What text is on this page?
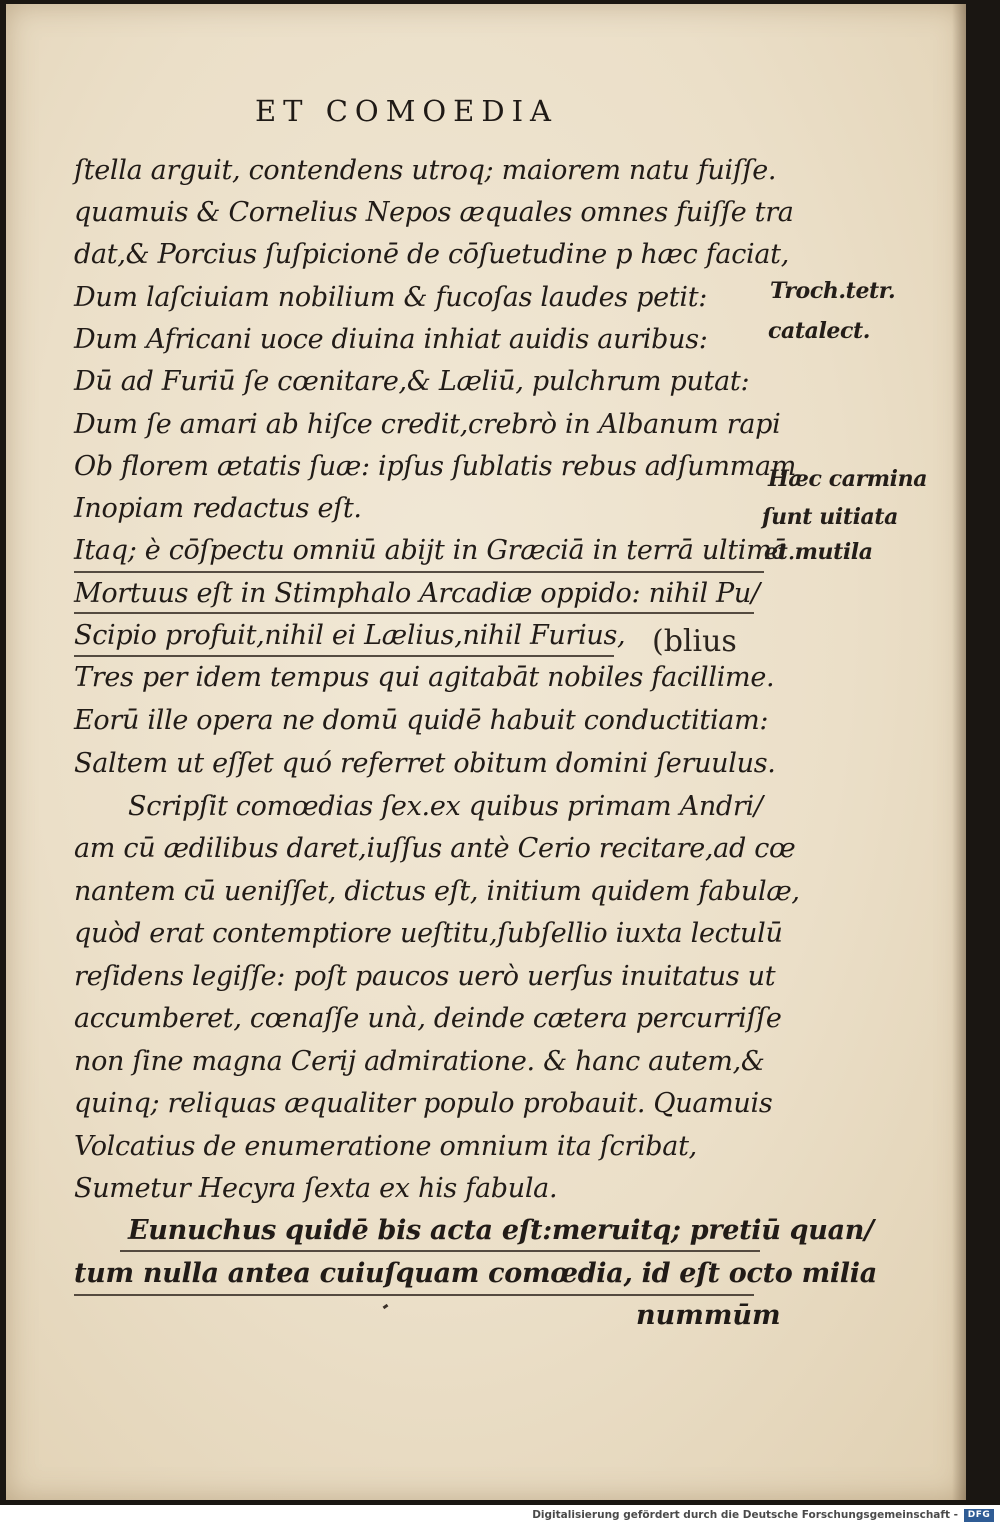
ET COMOEDIA
ſtella arguit, contendens utroq; maiorem natu fuiſſe.
quamuis & Cornelius Nepos æquales omnes fuiſſe tra
dat,& Porcius ſuſpicionē de cōſuetudine p hæc faciat,
Dum laſciuiam nobilium & fucoſas laudes petit:
Dum Africani uoce diuina inhiat auidis auribus:
Dū ad Furiū ſe cœnitare,& Læliū, pulchrum putat:
Dum ſe amari ab hiſce credit,crebrò in Albanum rapi
Ob florem ætatis ſuæ: ipſus ſublatis rebus adſummam
Inopiam redactus eſt.
Itaq; è cōſpectu omniū abijt in Græciā in terrā ultimā.
Mortuus eſt in Stimphalo Arcadiæ oppido: nihil Pu/
Scipio profuit,nihil ei Lælius,nihil Furius, (blius
Tres per idem tempus qui agitabāt nobiles facillime.
Eorū ille opera ne domū quidē habuit conductitiam:
Saltem ut eſſet quó referret obitum domini ſeruulus.
Scripſit comœdias ſex.ex quibus primam Andri/
am cū ædilibus daret,iuſſus antè Cerio recitare,ad cœ
nantem cū ueniſſet, dictus eſt, initium quidem fabulæ,
quòd erat contemptiore ueſtitu,ſubſellio iuxta lectulū
reſidens legiſſe: poſt paucos uerò uerſus inuitatus ut
accumberet, cœnaſſe unà, deinde cætera percurriſſe
non ſine magna Cerij admiratione. & hanc autem,&
quinq; reliquas æqualiter populo probauit. Quamuis
Volcatius de enumeratione omnium ita ſcribat,
Sumetur Hecyra ſexta ex his fabula.
Eunuchus quidē bis acta eſt:meruitq; pretiū quan/
tum nulla antea cuiuſquam comœdia, id eſt octo milia
nummūm
Troch.tetr.
catalect.
Hæc carmina
ſunt uitiata
et mutila
Digitalisierung gefördert durch die Deutsche Forschungsgemeinschaft -	DFG
